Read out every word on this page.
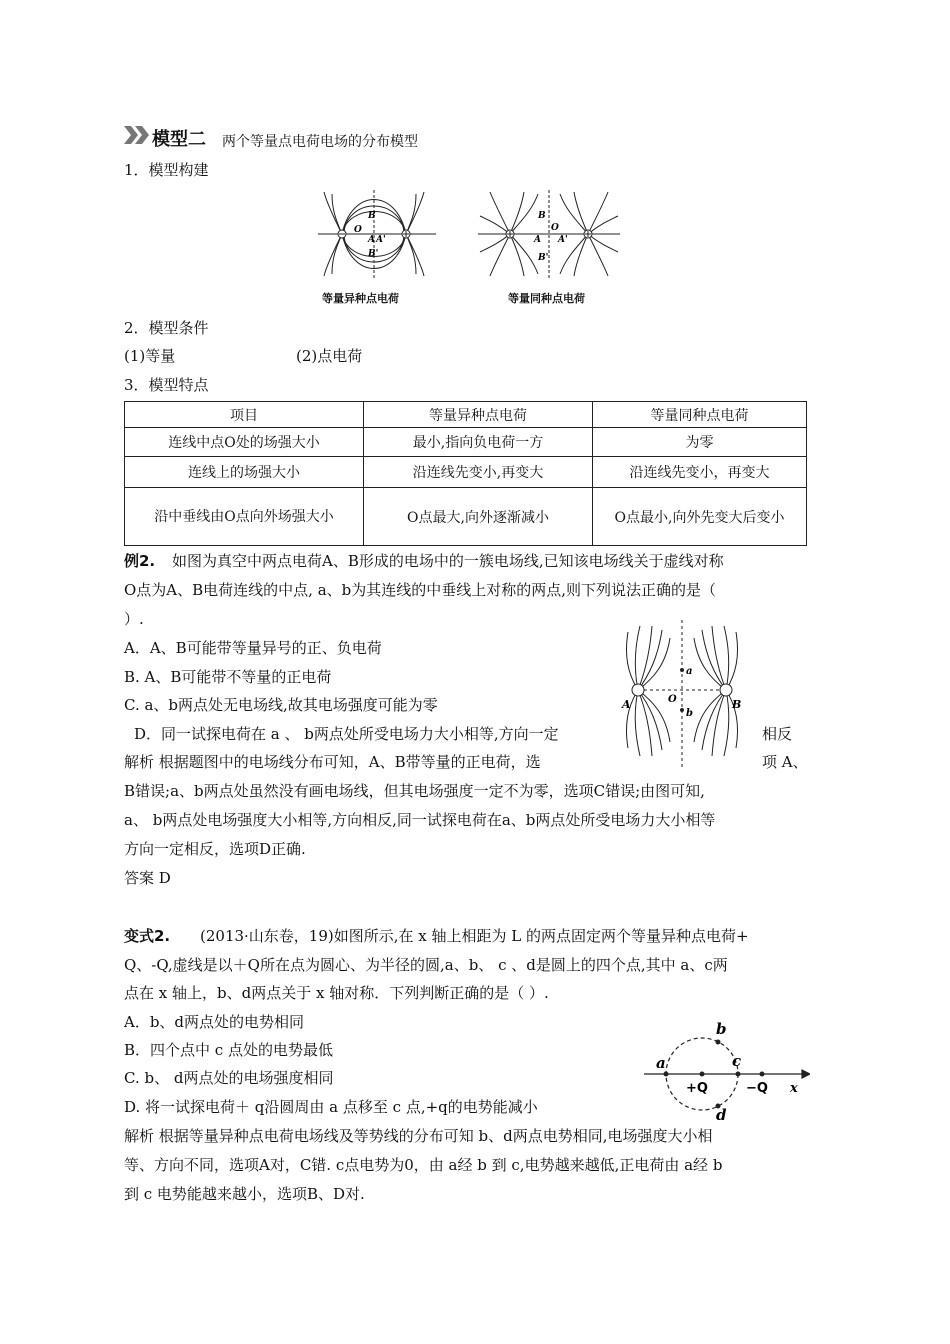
模型二 两个等量点电荷电场的分布模型
1．模型构建
B
O
A A'
B'
等量异种点电荷
B
O
A A'
B'
等量同种点电荷
2．模型条件
(1)等量	(2)点电荷
3．模型特点
项目	等量异种点电荷	等量同种点电荷
连线中点O处的场强大小	最小,指向负电荷一方	为零
连线上的场强大小	沿连线先变小,再变大	沿连线先变小，再变大
沿中垂线由O点向外场强大小	O点最大,向外逐渐减小	O点最小,向外先变大后变小
例2. 如图为真空中两点电荷A、B形成的电场中的一簇电场线,已知该电场线关于虚线对称
O点为A、B电荷连线的中点, a、b为其连线的中垂线上对称的两点,则下列说法正确的是（
）.
A．A、B可能带等量异号的正、负电荷
B. A、B可能带不等量的正电荷
C. a、b两点处无电场线,故其电场强度可能为零
D．同一试探电荷在 a 、 b两点处所受电场力大小相等,方向一定	相反
解析 根据题图中的电场线分布可知，A、B带等量的正电荷，选	项 A、
B错误;a、b两点处虽然没有画电场线，但其电场强度一定不为零，选项C错误;由图可知,
a、 b两点处电场强度大小相等,方向相反,同一试探电荷在a、b两点处所受电场力大小相等
方向一定相反，选项D正确.
答案 D
A	B
O
a
b
变式2. (2013·山东卷，19)如图所示,在 x 轴上相距为 L 的两点固定两个等量异种点电荷+
Q、-Q,虚线是以＋Q所在点为圆心、为半径的圆,a、b、 c 、d是圆上的四个点,其中 a、c两
点在 x 轴上，b、d两点关于 x 轴对称．下列判断正确的是（ ）.
A．b、d两点处的电势相同
B．四个点中 c 点处的电势最低
C. b、 d两点处的电场强度相同
D. 将一试探电荷＋ q沿圆周由 a 点移至 c 点,+q的电势能减小
解析 根据等量异种点电荷电场线及等势线的分布可知 b、d两点电势相同,电场强度大小相
等、方向不同，选项A对，C错. c点电势为0，由 a经 b 到 c,电势越来越低,正电荷由 a经 b
到 c 电势能越来越小，选项B、D对.
a
b
c
d
+Q	−Q x
